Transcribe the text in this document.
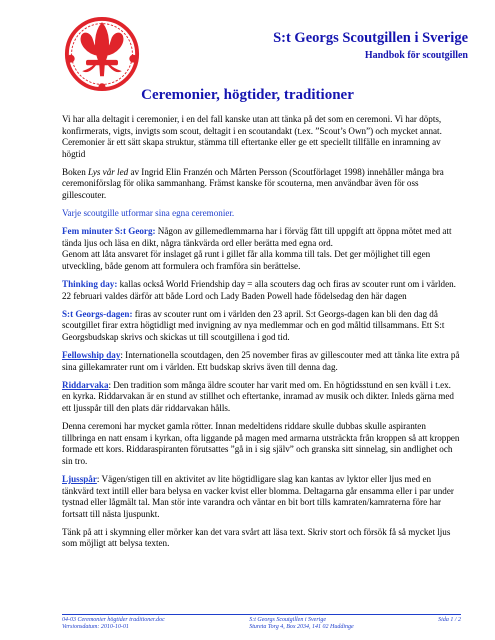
S:t Georgs Scoutgillen i Sverige
Handbok för scoutgillen
Ceremonier, högtider, traditioner

Vi har alla deltagit i ceremonier, i en del fall kanske utan att tänka på det som en ceremoni. Vi har döpts, konfirmerats, vigts, invigts som scout, deltagit i en scoutandakt (t.ex. ”Scout’s Own”) och mycket annat. Ceremonier är ett sätt skapa struktur, stämma till eftertanke eller ge ett speciellt tillfälle en inramning av högtid

Boken Lys vår led av Ingrid Elin Franzén och Mårten Persson (Scoutförlaget 1998) innehåller många bra ceremoniförslag för olika sammanhang. Främst kanske för scouterna, men användbar även för oss gillescouter.

Varje scoutgille utformar sina egna ceremonier.

Fem minuter S:t Georg: Någon av gillemedlemmarna har i förväg fått till uppgift att öppna mötet med att tända ljus och läsa en dikt, några tänkvärda ord eller berätta med egna ord.
Genom att låta ansvaret för inslaget gå runt i gillet får alla komma till tals. Det ger möjlighet till egen utveckling, både genom att formulera och framföra sin berättelse.

Thinking day: kallas också World Friendship day = alla scouters dag och firas av scouter runt om i världen. 22 februari valdes därför att både Lord och Lady Baden Powell hade födelsedag den här dagen

S:t Georgs-dagen: firas av scouter runt om i världen den 23 april. S:t Georgs-dagen kan bli den dag då scoutgillet firar extra högtidligt med invigning av nya medlemmar och en god måltid tillsammans. Ett S:t Georgsbudskap skrivs och skickas ut till scoutgillena i god tid.

Fellowship day: Internationella scoutdagen, den 25 november firas av gillescouter med att tänka lite extra på sina gillekamrater runt om i världen. Ett budskap skrivs även till denna dag.

Riddarvaka: Den tradition som många äldre scouter har varit med om. En högtidsstund en sen kväll i t.ex. en kyrka. Riddarvakan är en stund av stillhet och eftertanke, inramad av musik och dikter. Inleds gärna med ett ljusspår till den plats där riddarvakan hålls.

Denna ceremoni har mycket gamla rötter. Innan medeltidens riddare skulle dubbas skulle aspiranten tillbringa en natt ensam i kyrkan, ofta liggande på magen med armarna utsträckta från kroppen så att kroppen formade ett kors. Riddaraspiranten förutsattes ”gå in i sig själv” och granska sitt sinnelag, sin andlighet och sin tro.

Ljusspår: Vägen/stigen till en aktivitet av lite högtidligare slag kan kantas av lyktor eller ljus med en tänkvärd text intill eller bara belysa en vacker kvist eller blomma. Deltagarna går ensamma eller i par under tystnad eller lågmält tal. Man stör inte varandra och väntar en bit bort tills kamraten/kamraterna före har fortsatt till nästa ljuspunkt.

Tänk på att i skymning eller mörker kan det vara svårt att läsa text. Skriv stort och försök få så mycket ljus som möjligt att belysa texten.

04-03 Ceremonier högtider traditioner.doc
Versionsdatum: 2010-10-01
S:t Georgs Scoutgillen i Sverige
Stureta Torg 4, Box 2034, 141 02 Huddinge
Sida 1 / 2
